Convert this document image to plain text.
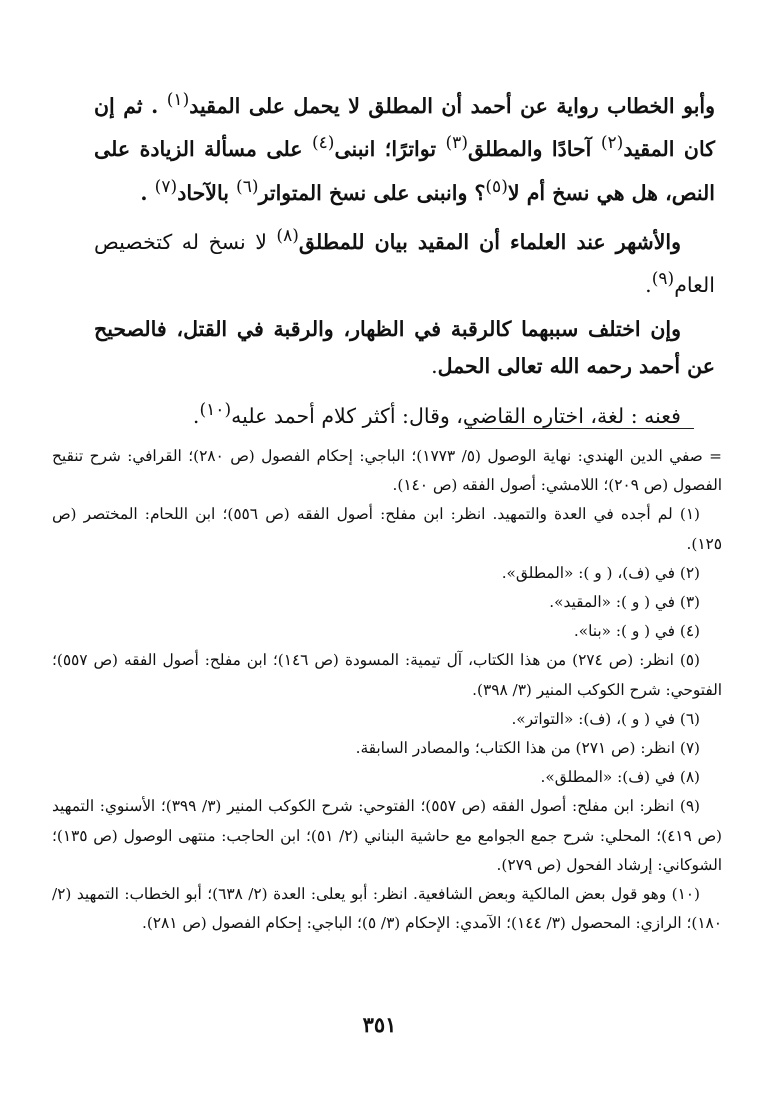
وأبو الخطاب رواية عن أحمد أن المطلق لا يحمل على المقيد$^{(١)}$ . ثم إن كان المقيد$^{(٢)}$ آحادًا والمطلق$^{(٣)}$ تواترًا؛ انبنى$^{(٤)}$ على مسألة الزيادة على النص، هل هي نسخ أم لا$^{(٥)}$؟ وانبنى على نسخ المتواتر$^{(٦)}$ بالآحاد$^{(٧)}$ .

والأشهر عند العلماء أن المقيد بيان للمطلق$^{(٨)}$ لا نسخ له كتخصيص العام$^{(٩)}$.

وإن اختلف سببهما كالرقبة في الظهار، والرقبة في القتل، فالصحيح عن أحمد رحمه الله تعالى الحمل.

فعنه : لغة، اختاره القاضي، وقال: أكثر كلام أحمد عليه$^{(١٠)}$.

= صفي الدين الهندي: نهاية الوصول (٥/ ١٧٧٣)؛ الباجي: إحكام الفصول (ص ٢٨٠)؛ القرافي: شرح تنقيح الفصول (ص ٢٠٩)؛ اللامشي: أصول الفقه (ص ١٤٠).

(١) لم أجده في العدة والتمهيد. انظر: ابن مفلح: أصول الفقه (ص ٥٥٦)؛ ابن اللحام: المختصر (ص ١٢٥).

(٢) في (ف)، ( و ): «المطلق».

(٣) في ( و ): «المقيد».

(٤) في ( و ): «بنا».

(٥) انظر: (ص ٢٧٤) من هذا الكتاب، آل تيمية: المسودة (ص ١٤٦)؛ ابن مفلح: أصول الفقه (ص ٥٥٧)؛ الفتوحي: شرح الكوكب المنير (٣/ ٣٩٨).

(٦) في ( و )، (ف): «التواتر».

(٧) انظر: (ص ٢٧١) من هذا الكتاب؛ والمصادر السابقة.

(٨) في (ف): «المطلق».

(٩) انظر: ابن مفلح: أصول الفقه (ص ٥٥٧)؛ الفتوحي: شرح الكوكب المنير (٣/ ٣٩٩)؛ الأسنوي: التمهيد (ص ٤١٩)؛ المحلي: شرح جمع الجوامع مع حاشية البناني (٢/ ٥١)؛ ابن الحاجب: منتهى الوصول (ص ١٣٥)؛ الشوكاني: إرشاد الفحول (ص ٢٧٩).

(١٠) وهو قول بعض المالكية وبعض الشافعية. انظر: أبو يعلى: العدة (٢/ ٦٣٨)؛ أبو الخطاب: التمهيد (٢/ ١٨٠)؛ الرازي: المحصول (٣/ ١٤٤)؛ الآمدي: الإحكام (٣/ ٥)؛ الباجي: إحكام الفصول (ص ٢٨١).

٣٥١
